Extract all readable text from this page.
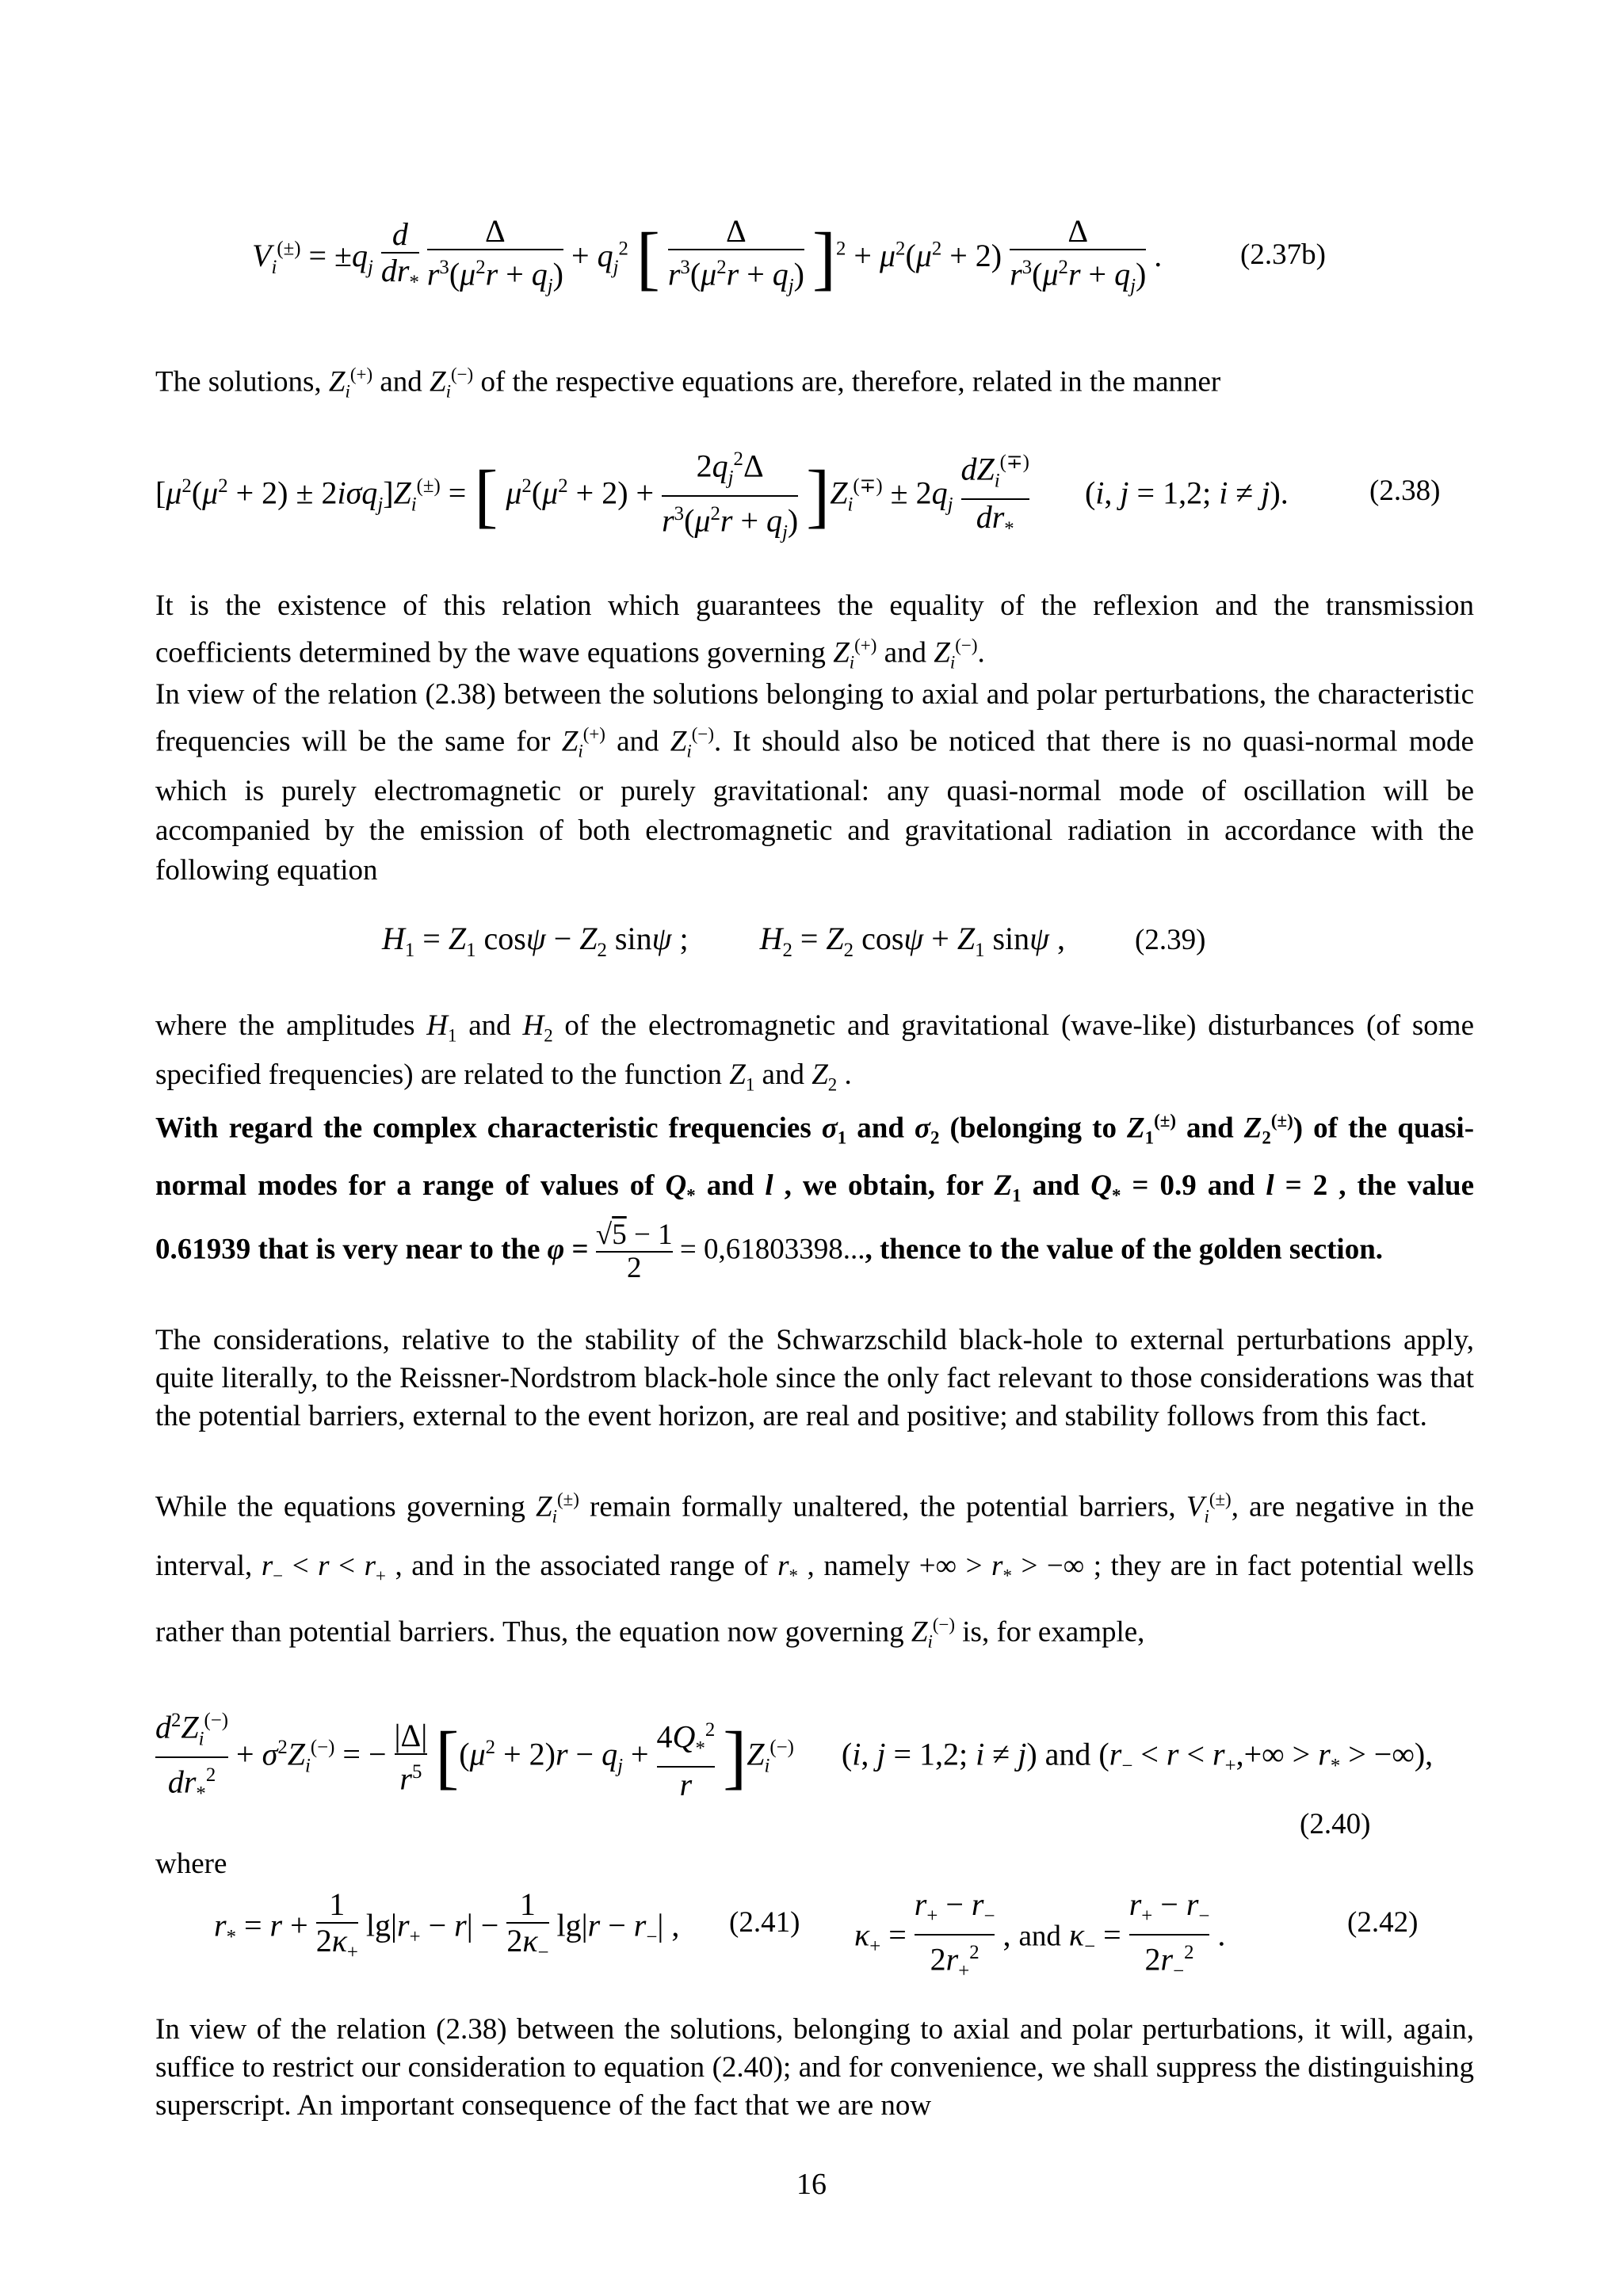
$V_i^{(\pm)} = \pm q_j \frac{d}{dr_*}$
$\frac{\Delta}{r^3(\mu^2r + q_j)} + q_j^2$ [ $\frac{\Delta}{r^3(\mu^2r + q_j)} ]^2 + \mu^2(\mu^2 + 2) \frac{\Delta}{r^3(\mu^2r + q_j)}$ .	(2.37b)

The solutions, $Z_i^{(+)}$ and $Z_i^{(-)}$ of the respective equations are, therefore, related in the manner

$[\mu^2(\mu^2 + 2) \pm 2i\sigma q_j]Z_i^{(\pm)}$ = [ $\mu^2(\mu^2 + 2) + \frac{2q_j^2\Delta}{r^3(\mu^2r + q_j)} ]Z_i^{(\mp)} \pm 2q_j$
$dZ_i^{(\mp)}$
$dr_*$
(i, j = 1,2; i ≠ j).	(2.38)

It is the existence of this relation which guarantees the equality of the reflexion and the transmission coefficients determined by the wave equations governing $Z_i^{(+)}$ and $Z_i^{(-)}$.

In view of the relation (2.38) between the solutions belonging to axial and polar perturbations, the characteristic frequencies will be the same for $Z_i^{(+)}$ and $Z_i^{(-)}$. It should also be noticed that there is no quasi-normal mode which is purely electromagnetic or purely gravitational: any quasi-normal mode of oscillation will be accompanied by the emission of both electromagnetic and gravitational radiation in accordance with the following equation

$H_1 = Z_1$ $\cos\psi - Z_2$ sinψ ;  $H_2 = Z_2$ $\cos\psi + Z_1$ sinψ , (2.39)

where the amplitudes $H_1$ and $H_2$ of the electromagnetic and gravitational (wave-like) disturbances (of some specified frequencies) are related to the function $Z_1$ and $Z_2$ .

With regard the complex characteristic frequencies $\sigma_1$ and $\sigma_2$ (belonging to $Z_1^{(\pm)}$ and $Z_2^{(\pm)}$) of the quasi-normal modes for a range of values of $Q_*$ and l , we obtain, for $Z_1$ and $Q_* = 0.9$ and l = 2 , the value 0.61939 that is very near to the $\varphi = \frac{√5 - 1}{2} = 0,61803398$..., thence to the value of the golden section.

The considerations, relative to the stability of the Schwarzschild black-hole to external perturbations apply, quite literally, to the Reissner-Nordstrom black-hole since the only fact relevant to those considerations was that the potential barriers, external to the event horizon, are real and positive; and stability follows from this fact.

While the equations governing $Z_i^{(\pm)}$ remain formally unaltered, the potential barriers, $V_i^{(\pm)}$, are negative in the interval, $r_- < r < r_+$ , and in the associated range of $r_*$ , namely +∞ > $r_*$ > −∞ ; they are in fact potential wells rather than potential barriers. Thus, the equation now governing $Z_i^{(-)}$ is, for example,

$\frac{d^2Z_i^{(-)}}{dr_*^2} + \sigma^2Z_i^{(-)}$ = − $\frac{|\Delta|}{r^5} [(\mu^2 + 2)r - q_j + \frac{4Q_*^2}{r} ]Z_i^{(-)}$  (i, j = 1,2; i ≠ j) and ($r_- < r < r_+,+\infty > r_*$ > −∞),
(2.40)

where

$r_* = r + \frac{1}{2\kappa_+} \lg|r_+ - r| - \frac{1}{2\kappa_-} \lg|r - r_-|$ , (2.41) $\kappa_+ = \frac{r_+ - r_-}{2r_+^2}$ , and $\kappa_- = \frac{r_+ - r_-}{2r_-^2}$ .	(2.42)

In view of the relation (2.38) between the solutions, belonging to axial and polar perturbations, it will, again, suffice to restrict our consideration to equation (2.40); and for convenience, we shall suppress the distinguishing superscript. An important consequence of the fact that we are now

16
